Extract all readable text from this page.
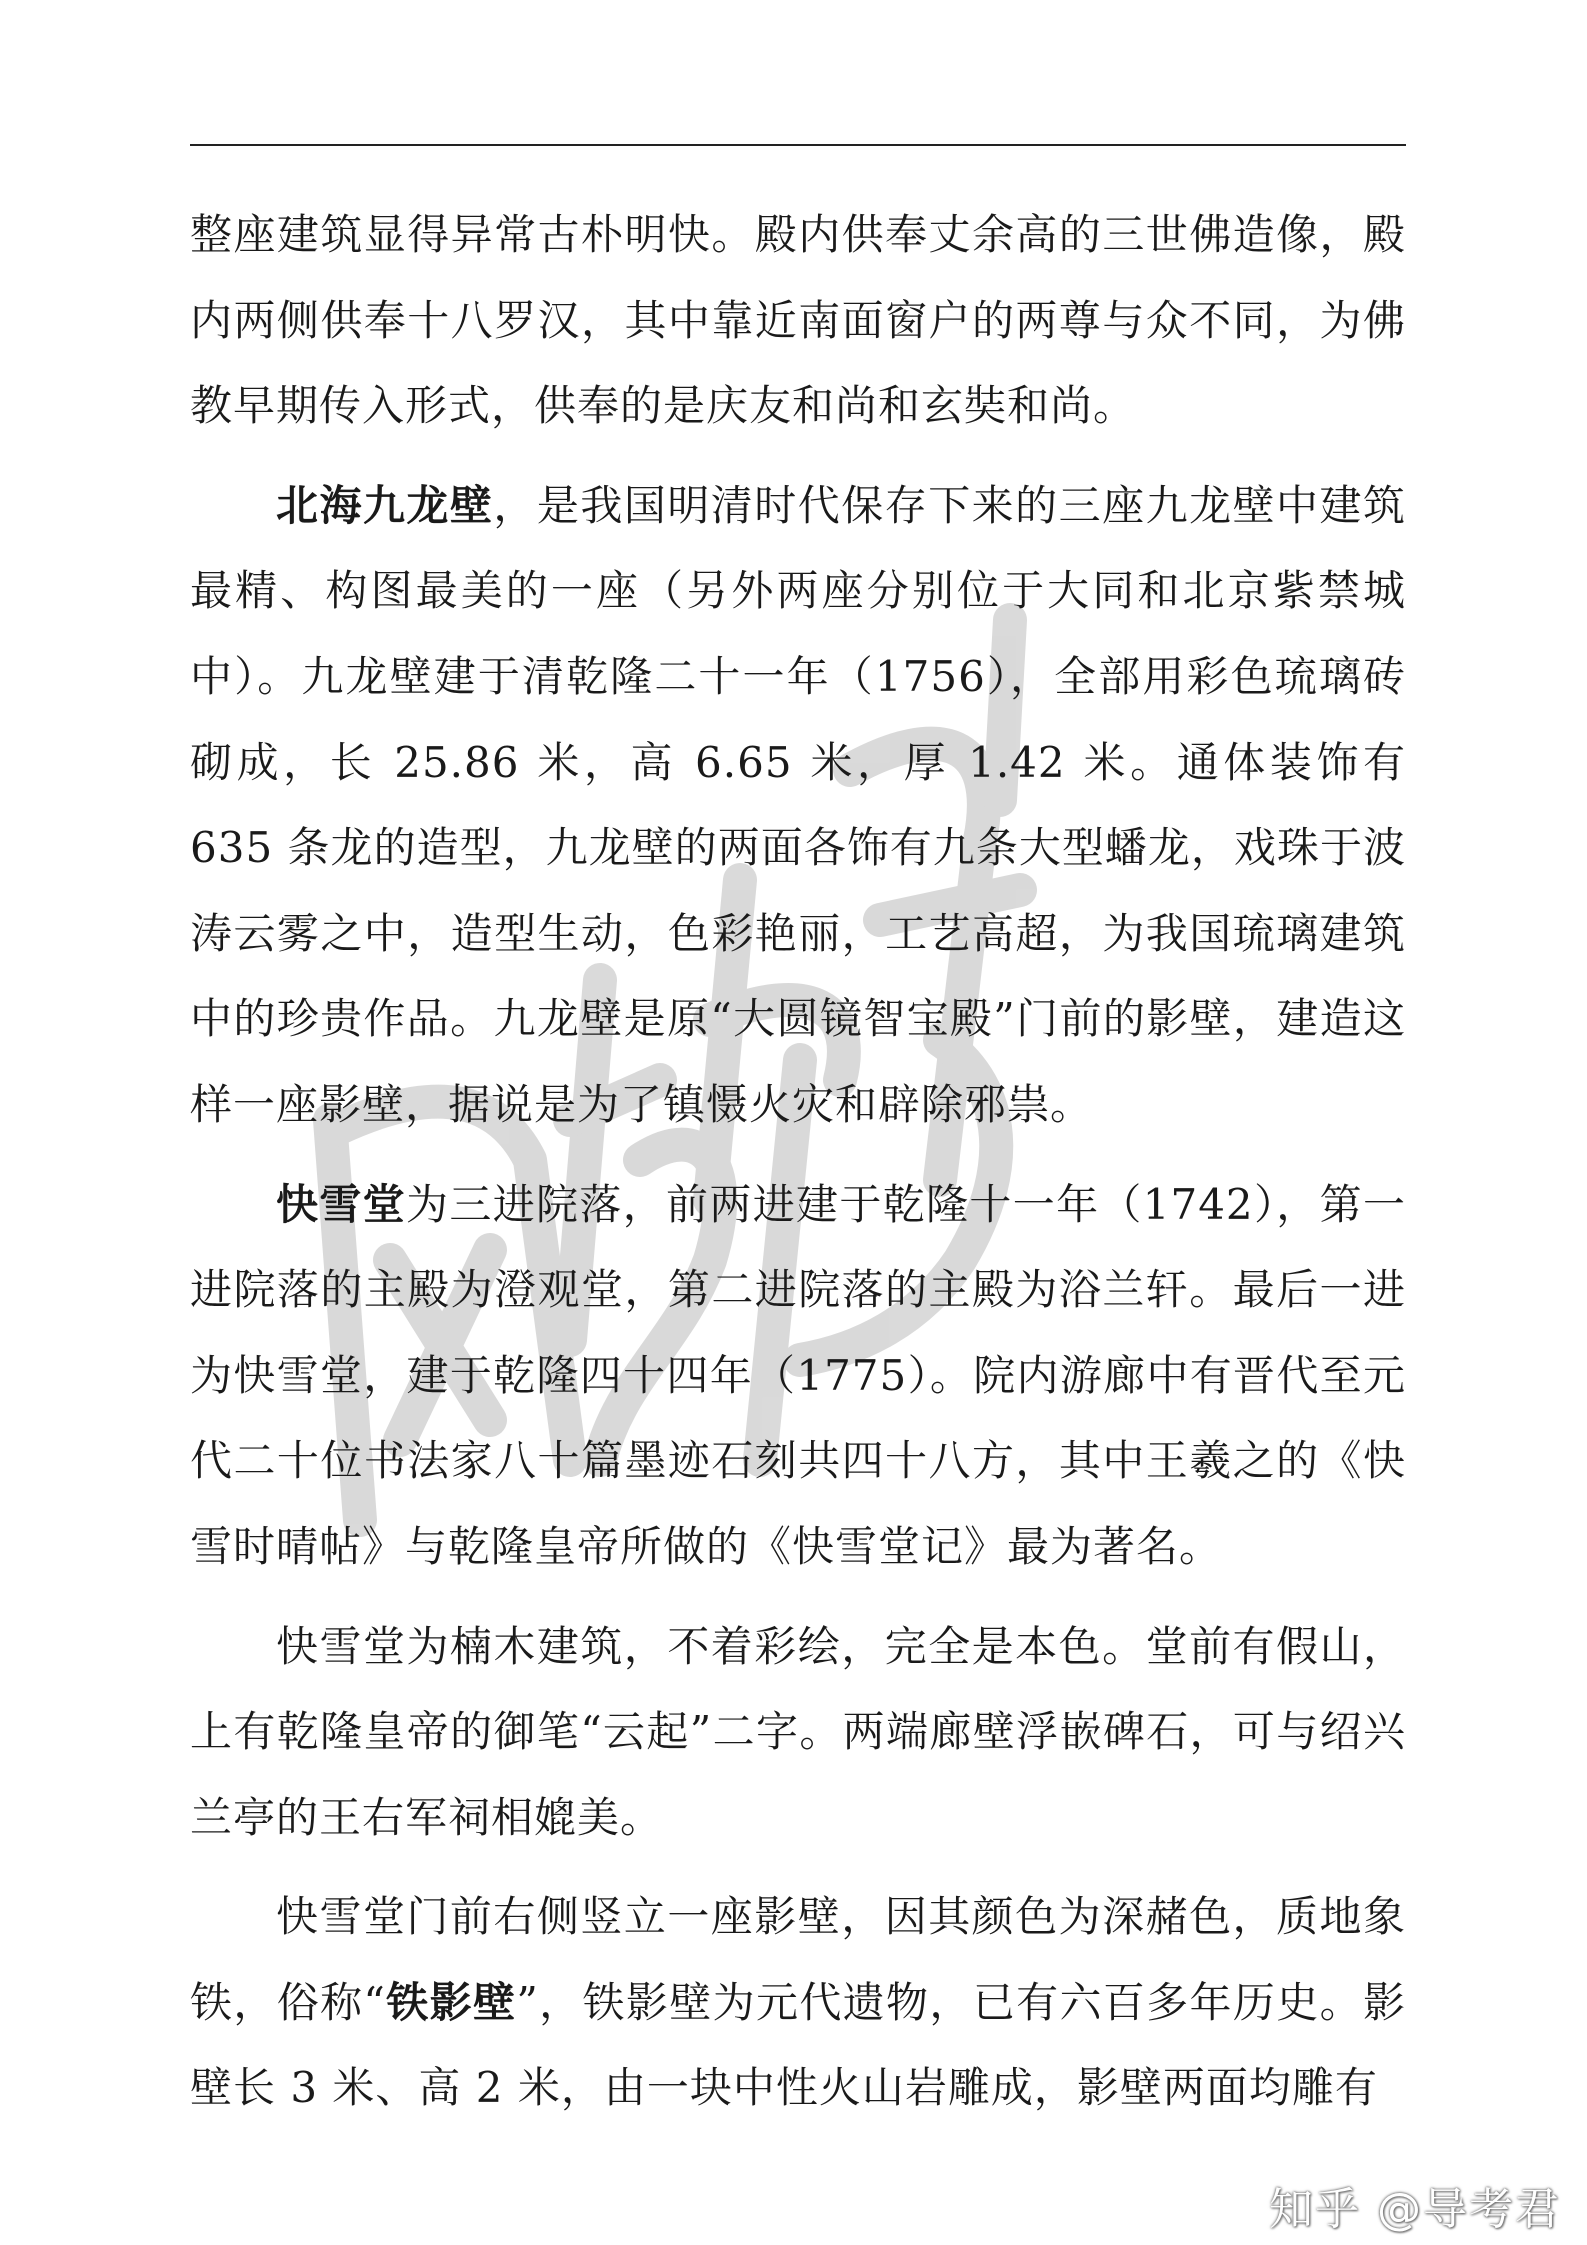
整座建筑显得异常古朴明快。殿内供奉丈余高的三世佛造像，殿内两侧供奉十八罗汉，其中靠近南面窗户的两尊与众不同，为佛教早期传入形式，供奉的是庆友和尚和玄奘和尚。

北海九龙壁，是我国明清时代保存下来的三座九龙壁中建筑最精、构图最美的一座（另外两座分别位于大同和北京紫禁城中）。九龙壁建于清乾隆二十一年（1756），全部用彩色琉璃砖砌成，长 25.86 米，高 6.65 米，厚 1.42 米。通体装饰有 635 条龙的造型，九龙壁的两面各饰有九条大型蟠龙，戏珠于波涛云雾之中，造型生动，色彩艳丽，工艺高超，为我国琉璃建筑中的珍贵作品。九龙壁是原“大圆镜智宝殿”门前的影壁，建造这样一座影壁，据说是为了镇慑火灾和辟除邪祟。

快雪堂为三进院落，前两进建于乾隆十一年（1742），第一进院落的主殿为澄观堂，第二进院落的主殿为浴兰轩。最后一进为快雪堂，建于乾隆四十四年（1775）。院内游廊中有晋代至元代二十位书法家八十篇墨迹石刻共四十八方，其中王羲之的《快雪时晴帖》与乾隆皇帝所做的《快雪堂记》最为著名。

快雪堂为楠木建筑，不着彩绘，完全是本色。堂前有假山，上有乾隆皇帝的御笔“云起”二字。两端廊壁浮嵌碑石，可与绍兴兰亭的王右军祠相媲美。

快雪堂门前右侧竖立一座影壁，因其颜色为深赭色，质地象铁，俗称“铁影壁”，铁影壁为元代遗物，已有六百多年历史。影壁长 3 米、高 2 米，由一块中性火山岩雕成，影壁两面均雕有

知乎 @导考君
